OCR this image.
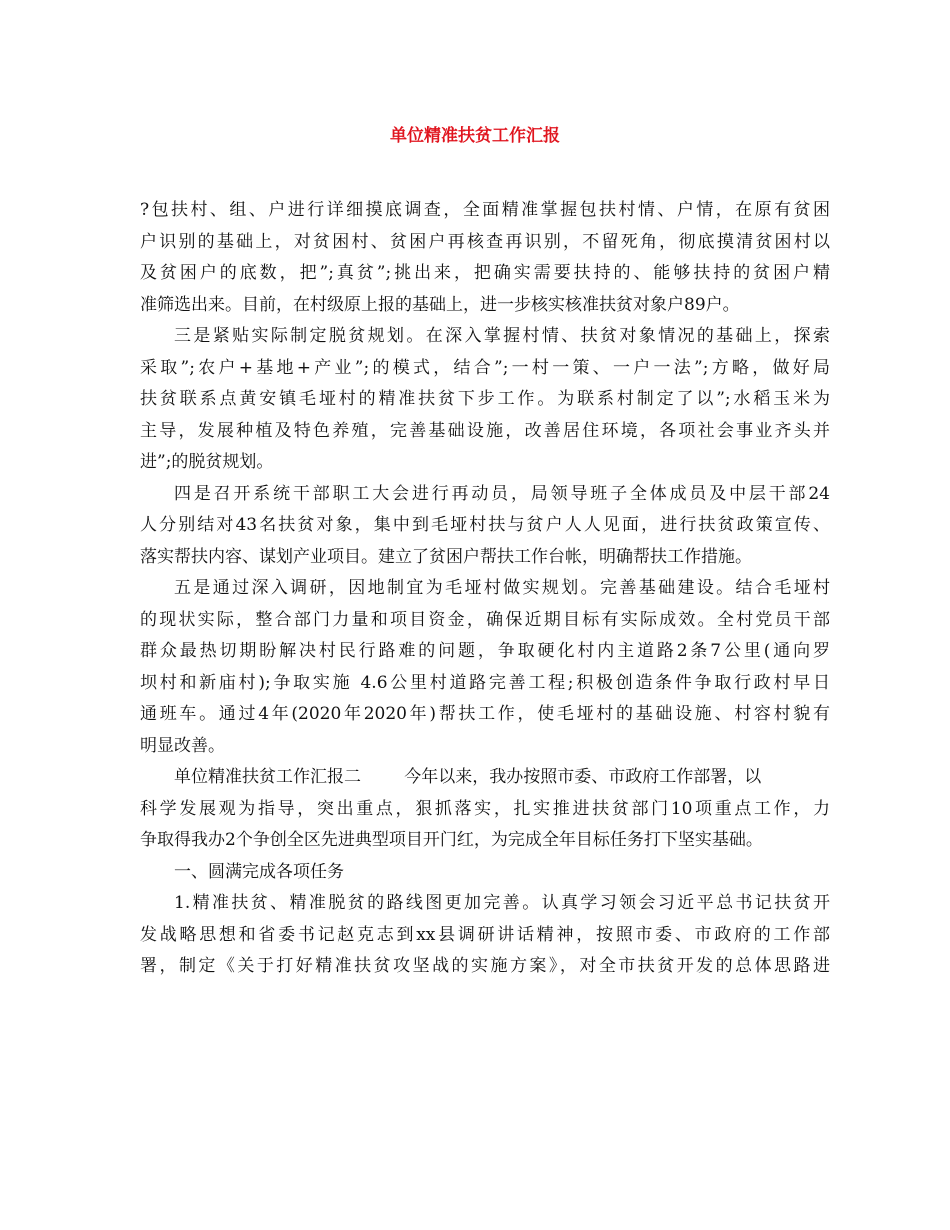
单位精准扶贫工作汇报
?包扶村、组、户进行详细摸底调查，全面精准掌握包扶村情、户情，在原有贫困
户识别的基础上，对贫困村、贫困户再核查再识别，不留死角，彻底摸清贫困村以
及贫困户的底数，把”;真贫”;挑出来，把确实需要扶持的、能够扶持的贫困户精
准筛选出来。目前，在村级原上报的基础上，进一步核实核准扶贫对象户89户。
三是紧贴实际制定脱贫规划。在深入掌握村情、扶贫对象情况的基础上，探索
采取”;农户+基地+产业”;的模式，结合”;一村一策、一户一法”;方略，做好局
扶贫联系点黄安镇毛垭村的精准扶贫下步工作。为联系村制定了以”;水稻玉米为
主导，发展种植及特色养殖，完善基础设施，改善居住环境，各项社会事业齐头并
进”;的脱贫规划。
四是召开系统干部职工大会进行再动员，局领导班子全体成员及中层干部24
人分别结对43名扶贫对象，集中到毛垭村扶与贫户人人见面，进行扶贫政策宣传、
落实帮扶内容、谋划产业项目。建立了贫困户帮扶工作台帐，明确帮扶工作措施。
五是通过深入调研，因地制宜为毛垭村做实规划。完善基础建设。结合毛垭村
的现状实际，整合部门力量和项目资金，确保近期目标有实际成效。全村党员干部
群众最热切期盼解决村民行路难的问题，争取硬化村内主道路2条7公里(通向罗
坝村和新庙村);争取实施 4.6公里村道路完善工程;积极创造条件争取行政村早日
通班车。通过4年(2020年2020年)帮扶工作，使毛垭村的基础设施、村容村貌有
明显改善。
单位精准扶贫工作汇报二        今年以来，我办按照市委、市政府工作部署，以
科学发展观为指导，突出重点，狠抓落实，扎实推进扶贫部门10项重点工作，力
争取得我办2个争创全区先进典型项目开门红，为完成全年目标任务打下坚实基础。
一、圆满完成各项任务
1.精准扶贫、精准脱贫的路线图更加完善。认真学习领会习近平总书记扶贫开
发战略思想和省委书记赵克志到xx县调研讲话精神，按照市委、市政府的工作部
署，制定《关于打好精准扶贫攻坚战的实施方案》，对全市扶贫开发的总体思路进
